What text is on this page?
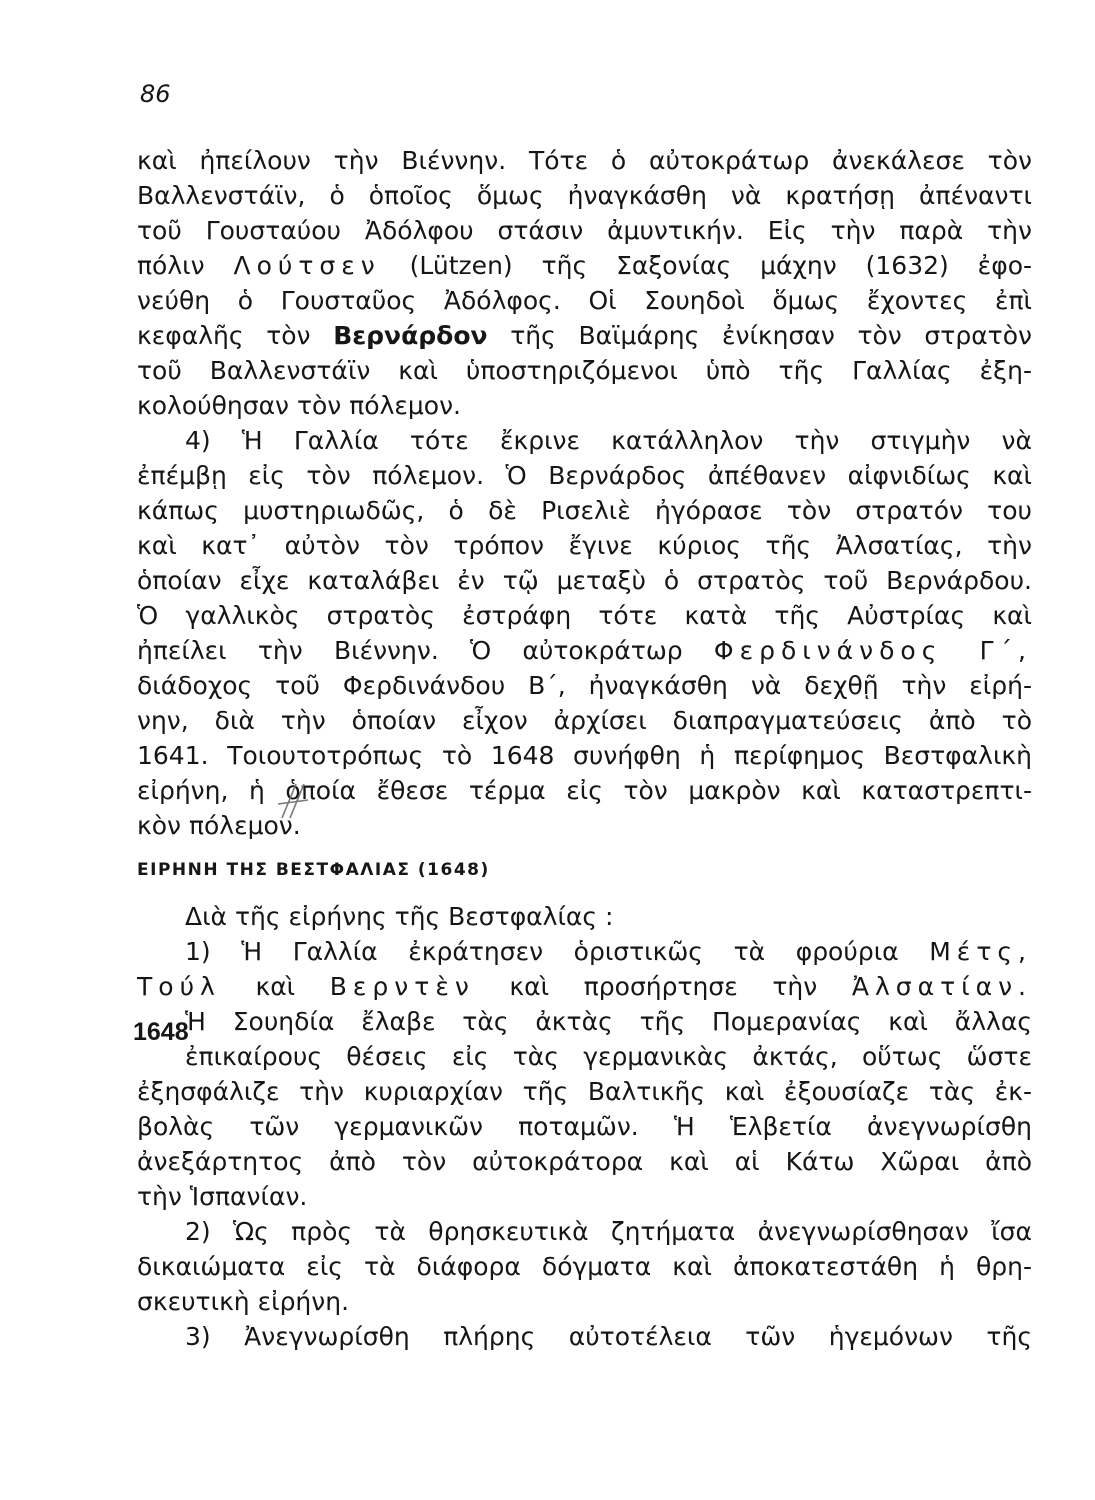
86
καὶ ἠπείλουν τὴν Βιέννην. Τότε ὁ αὐτοκράτωρ ἀνεκάλεσε τὸν
Βαλλενστάϊν, ὁ ὁποῖος ὅμως ἠναγκάσθη νὰ κρατήσῃ ἀπέναντι
τοῦ Γουσταύου Ἀδόλφου στάσιν ἀμυντικήν. Εἰς τὴν παρὰ τὴν
πόλιν Λούτσεν (Lützen) τῆς Σαξονίας μάχην (1632) ἐφο-
νεύθη ὁ Γουσταῦος Ἀδόλφος. Οἱ Σουηδοὶ ὅμως ἔχοντες ἐπὶ
κεφαλῆς τὸν Βερνάρδον τῆς Βαϊμάρης ἐνίκησαν τὸν στρατὸν
τοῦ Βαλλενστάϊν καὶ ὑποστηριζόμενοι ὑπὸ τῆς Γαλλίας ἐξη-
κολούθησαν τὸν πόλεμον.
4) Ἡ Γαλλία τότε ἔκρινε κατάλληλον τὴν στιγμὴν νὰ
ἐπέμβῃ εἰς τὸν πόλεμον. Ὁ Βερνάρδος ἀπέθανεν αἰφνιδίως καὶ
κάπως μυστηριωδῶς, ὁ δὲ Ρισελιὲ ἠγόρασε τὸν στρατόν του
καὶ κατ᾽ αὐτὸν τὸν τρόπον ἔγινε κύριος τῆς Ἀλσατίας, τὴν
ὁποίαν εἶχε καταλάβει ἐν τῷ μεταξὺ ὁ στρατὸς τοῦ Βερνάρδου.
Ὁ γαλλικὸς στρατὸς ἐστράφη τότε κατὰ τῆς Αὐστρίας καὶ
ἠπείλει τὴν Βιέννην. Ὁ αὐτοκράτωρ Φερδινάνδος Γ΄,
διάδοχος τοῦ Φερδινάνδου Β΄, ἠναγκάσθη νὰ δεχθῇ τὴν εἰρή-
νην, διὰ τὴν ὁποίαν εἶχον ἀρχίσει διαπραγματεύσεις ἀπὸ τὸ
1641. Τοιουτοτρόπως τὸ 1648 συνήφθη ἡ περίφημος Βεστφαλικὴ
εἰρήνη, ἡ ὁποία ἔθεσε τέρμα εἰς τὸν μακρὸν καὶ καταστρεπτι-
κὸν πόλεμον.
ΕΙΡΗΝΗ ΤΗΣ ΒΕΣΤΦΑΛΙΑΣ (1648)
Διὰ τῆς εἰρήνης τῆς Βεστφαλίας :
1) Ἡ Γαλλία ἐκράτησεν ὁριστικῶς τὰ φρούρια Μέτς,
Τούλ καὶ Βερντὲν καὶ προσήρτησε τὴν Ἀλσατίαν.
1648
Ἡ Σουηδία ἔλαβε τὰς ἀκτὰς τῆς Πομερανίας καὶ ἄλλας
ἐπικαίρους θέσεις εἰς τὰς γερμανικὰς ἀκτάς, οὕτως ὥστε
ἐξησφάλιζε τὴν κυριαρχίαν τῆς Βαλτικῆς καὶ ἐξουσίαζε τὰς ἐκ-
βολὰς τῶν γερμανικῶν ποταμῶν. Ἡ Ἑλβετία ἀνεγνωρίσθη
ἀνεξάρτητος ἀπὸ τὸν αὐτοκράτορα καὶ αἱ Κάτω Χῶραι ἀπὸ
τὴν Ἱσπανίαν.
2) Ὡς πρὸς τὰ θρησκευτικὰ ζητήματα ἀνεγνωρίσθησαν ἴσα
δικαιώματα εἰς τὰ διάφορα δόγματα καὶ ἀποκατεστάθη ἡ θρη-
σκευτικὴ εἰρήνη.
3) Ἀνεγνωρίσθη πλήρης αὐτοτέλεια τῶν ἡγεμόνων τῆς
